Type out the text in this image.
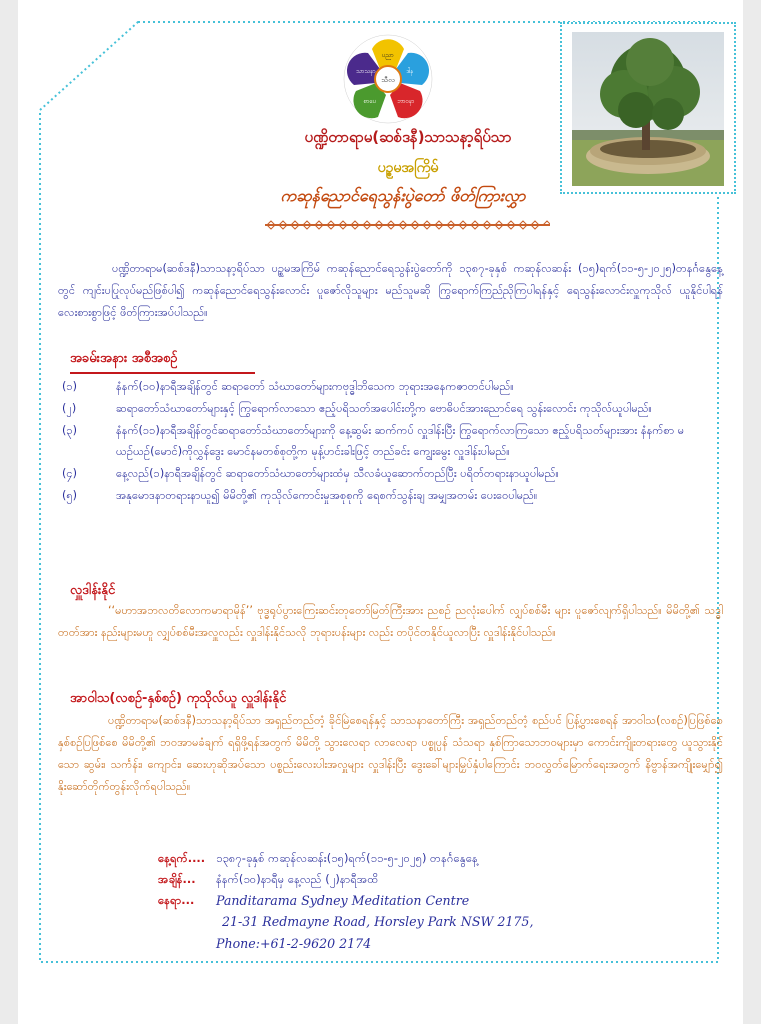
ပညာ
ဒါန
ဘာဝနာ
စာပေ
သာသနာ
သီလ
ပဏ္ဍိတာရာမ(ဆစ်ဒနီ)သာသနာ့ရိပ်သာ
ပဥ္စမအကြိမ်
ကဆုန်ညောင်ရေသွန်းပွဲတော် ဖိတ်ကြားလွှာ
ပဏ္ဍိတာရာမ(ဆစ်ဒနီ)သာသနာ့ရိပ်သာ ပဥ္စမအကြိမ် ကဆုန်ညောင်ရေသွန်းပွဲတော်ကို ၁၃၈၇-ခုနှစ် ကဆုန်လဆန်း (၁၅)ရက်(၁၁-၅-၂၀၂၅)တနင်္ဂနွေနေ့တွင် ကျင်းပပြုလုပ်မည်ဖြစ်ပါ၍ ကဆုန်ညောင်ရေသွန်းလောင်း ပူဇော်လိုသူများ မည်သူမဆို ကြွရောက်ကြည်ညိုကြပါရန်နှင့် ရေသွန်းလောင်းလှူကုသိုလ် ယူနိုင်ပါရန် လေးစားစွာဖြင့် ဖိတ်ကြားအပ်ပါသည်။
အခမ်းအနား အစီအစဉ်
(၁)	နံနက်(၁၀)နာရီအချိန်တွင် ဆရာတော် သံဃာတော်များကဗုဒ္ဓါဘိသေက ဘုရားအနေကဇာတင်ပါမည်။
(၂)	ဆရာတော်သံဃာတော်များနှင့် ကြွရောက်လာသော ဧည့်ပရိသတ်အပေါင်းတို့က ဗောဓိပင်အားညောင်ရေ သွန်းလောင်း ကုသိုလ်ယူပါမည်။
(၃)	နံနက်(၁၁)နာရီအချိန်တွင်ဆရာတော်သံဃာတော်များကို နေ့ဆွမ်း ဆက်ကပ် လှူဒါန်းပြီး ကြွရောက်လာကြသော ဧည့်ပရိသတ်များအား နံနက်စာ မယဉ်ယဉ်(မောင်)ကိုလွှန်ဒွေး မောင်နမတစ်စုတို့က မုန့်ဟင်းခါးဖြင့် တည်ခင်း ကျွေးမွေး လှူဒါန်းပါမည်။
(၄)	နေ့လည်(၁)နာရီအချိန်တွင် ဆရာတော်သံဃာတော်များထံမှ သီလခံယူဆောက်တည်ပြီး ပရိတ်တရားနာယူပါမည်။
(၅)	အနုမောဒနာတရားနာယူ၍ မိမိတို့၏ ကုသိုလ်ကောင်းမှုအစုစုကို ရေစက်သွန်းချ အမျှအတမ်း ပေးဝေပါမည်။
လှူဒါန်းနိုင်
‘‘မဟာအဘလတိလောကမာရာမိုန်’’ ဗုဒ္ဓရုပ်ပွားကြေးဆင်းတုတော်မြတ်ကြီးအား ညစဉ် ညလုံးပေါက် လျှပ်စစ်မီး များ ပူဇော်လျက်ရှိပါသည်။ မိမိတို့၏ သဒ္ဓါတတ်အား နည်းများမဟူ လျှပ်စစ်မီးအလှူလည်း လှူဒါန်းနိုင်သလို ဘုရားပန်းများ လည်း တပိုင်တနိုင်ယူလာပြီး လှူဒါန်းနိုင်ပါသည်။
အာဝါသ(လစဉ်-နှစ်စဉ်) ကုသိုလ်ယူ လှူဒါန်းနိုင်
ပဏ္ဍိတာရာမ(ဆစ်ဒနီ)သာသနာ့ရိပ်သာ အရှည်တည်တံ့ ခိုင်မြဲစေရန်နှင့် သာသနာတော်ကြီး အရှည်တည်တံ့ စည်ပင် ပြန့်ပွားစေရန် အာဝါသ(လစဉ်)ပြဖြစ်စေ နှစ်စဉ်ပြဖြစ်စေ မိမိတို့၏ ဘဝအာမခံချက် ရရှိဖို့ရန်အတွက် မိမိတို့ သွားလေရာ လာလေရာ ပစ္စုပ္ပန် သံသရာ နှစ်ကြာသောဘဝများမှာ ကောင်းကျိုးတရားတွေ ယူသွားနိုင်သော ဆွမ်း၊ သင်္ကန်း၊ ကျောင်း၊ ဆေးဟုဆိုအပ်သော ပစ္စည်းလေးပါးအလှူများ လှူဒါန်းပြီး ဒွေးခေါ်များမြှပ်နှံပါကြောင်း ဘဝလွှတ်မြောက်ရေးအတွက် နိဗ္ဗာန်အကျိုးမျှော်၍ နိုးဆော်တိုက်တွန်းလိုက်ရပါသည်။
နေ့ရက်.... ၁၃၈၇-ခုနှစ် ကဆုန်လဆန်း(၁၅)ရက်(၁၁-၅-၂၀၂၅) တနင်္ဂနွေနေ့
အချိန်...	နံနက်(၁၀)နာရီမှ နေ့လည် (၂)နာရီအထိ
နေရာ...	Panditarama Sydney Meditation Centre
21-31 Redmayne Road, Horsley Park NSW 2175,
Phone:+61-2-9620 2174
